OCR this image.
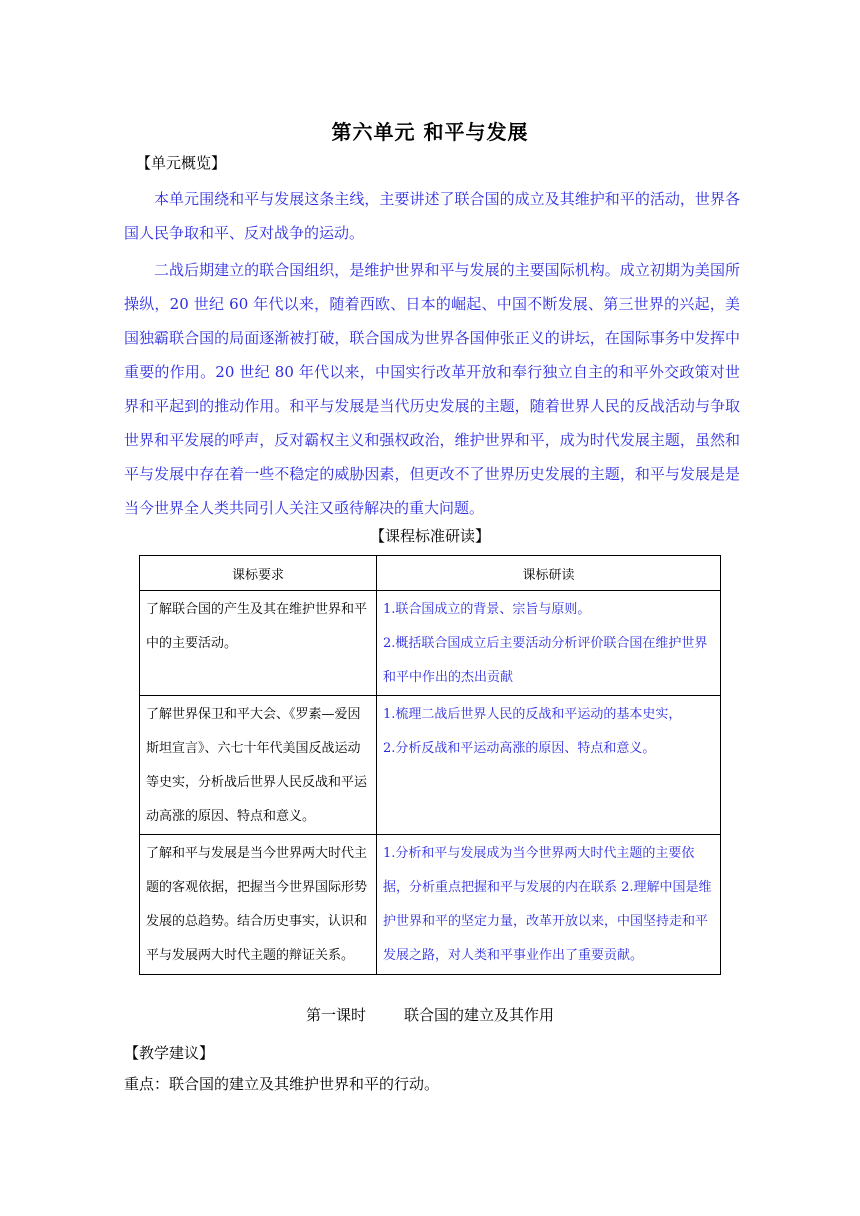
第六单元 和平与发展
【单元概览】

本单元围绕和平与发展这条主线，主要讲述了联合国的成立及其维护和平的活动，世界各国人民争取和平、反对战争的运动。

二战后期建立的联合国组织，是维护世界和平与发展的主要国际机构。成立初期为美国所操纵，20 世纪 60 年代以来，随着西欧、日本的崛起、中国不断发展、第三世界的兴起，美国独霸联合国的局面逐渐被打破，联合国成为世界各国伸张正义的讲坛，在国际事务中发挥中重要的作用。20 世纪 80 年代以来，中国实行改革开放和奉行独立自主的和平外交政策对世界和平起到的推动作用。和平与发展是当代历史发展的主题，随着世界人民的反战活动与争取世界和平发展的呼声，反对霸权主义和强权政治，维护世界和平，成为时代发展主题，虽然和平与发展中存在着一些不稳定的威胁因素，但更改不了世界历史发展的主题，和平与发展是是当今世界全人类共同引人关注又亟待解决的重大问题。

【课程标准研读】
课标要求	课标研读
了解联合国的产生及其在维护世界和平中的主要活动。	1.联合国成立的背景、宗旨与原则。

2.概括联合国成立后主要活动分析评价联合国在维护世界和平中作出的杰出贡献

了解世界保卫和平大会、《罗素—爱因斯坦宣言》、六七十年代美国反战运动等史实，分析战后世界人民反战和平运动高涨的原因、特点和意义。	1.梳理二战后世界人民的反战和平运动的基本史实，

2.分析反战和平运动高涨的原因、特点和意义。

了解和平与发展是当今世界两大时代主题的客观依据，把握当今世界国际形势发展的总趋势。结合历史事实，认识和平与发展两大时代主题的辩证关系。	1.分析和平与发展成为当今世界两大时代主题的主要依据，分析重点把握和平与发展的内在联系 2.理解中国是维护世界和平的坚定力量，改革开放以来，中国坚持走和平发展之路，对人类和平事业作出了重要贡献。

第一课时	联合国的建立及其作用
【教学建议】
重点：联合国的建立及其维护世界和平的行动。
